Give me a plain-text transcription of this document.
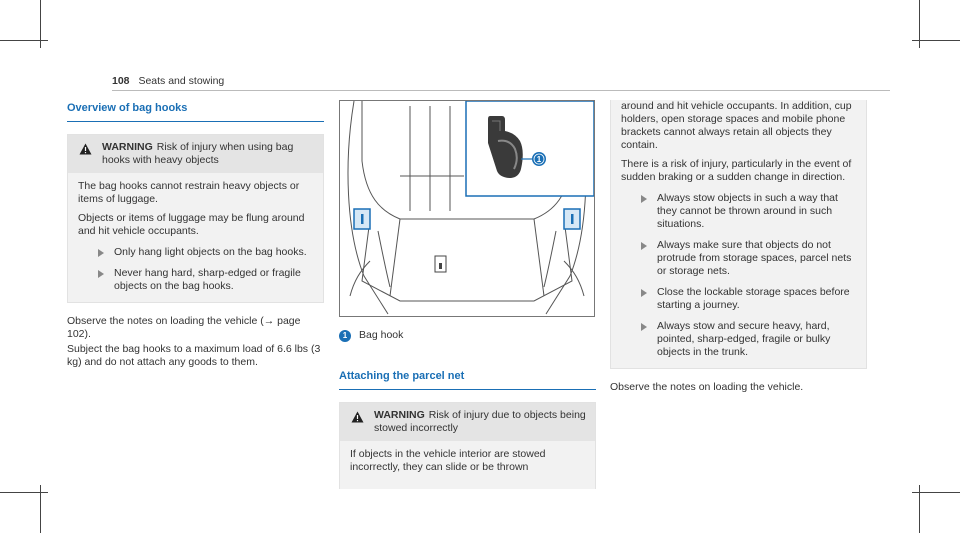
108 Seats and stowing
Overview of bag hooks
WARNING Risk of injury when using bag hooks with heavy objects

The bag hooks cannot restrain heavy objects or items of luggage.

Objects or items of luggage may be flung around and hit vehicle occupants.

Only hang light objects on the bag hooks.
Never hang hard, sharp-edged or fragile objects on the bag hooks.

Observe the notes on loading the vehicle (→ page 102).

Subject the bag hooks to a maximum load of 6.6 lbs (3 kg) and do not attach any goods to them.

1
1	Bag hook
Attaching the parcel net
WARNING Risk of injury due to objects being stowed incorrectly

If objects in the vehicle interior are stowed incorrectly, they can slide or be thrown

around and hit vehicle occupants. In addition, cup holders, open storage spaces and mobile phone brackets cannot always retain all objects they contain.

There is a risk of injury, particularly in the event of sudden braking or a sudden change in direction.

Always stow objects in such a way that they cannot be thrown around in such situations.
Always make sure that objects do not protrude from storage spaces, parcel nets or storage nets.
Close the lockable storage spaces before starting a journey.
Always stow and secure heavy, hard, pointed, sharp-edged, fragile or bulky objects in the trunk.

Observe the notes on loading the vehicle.
